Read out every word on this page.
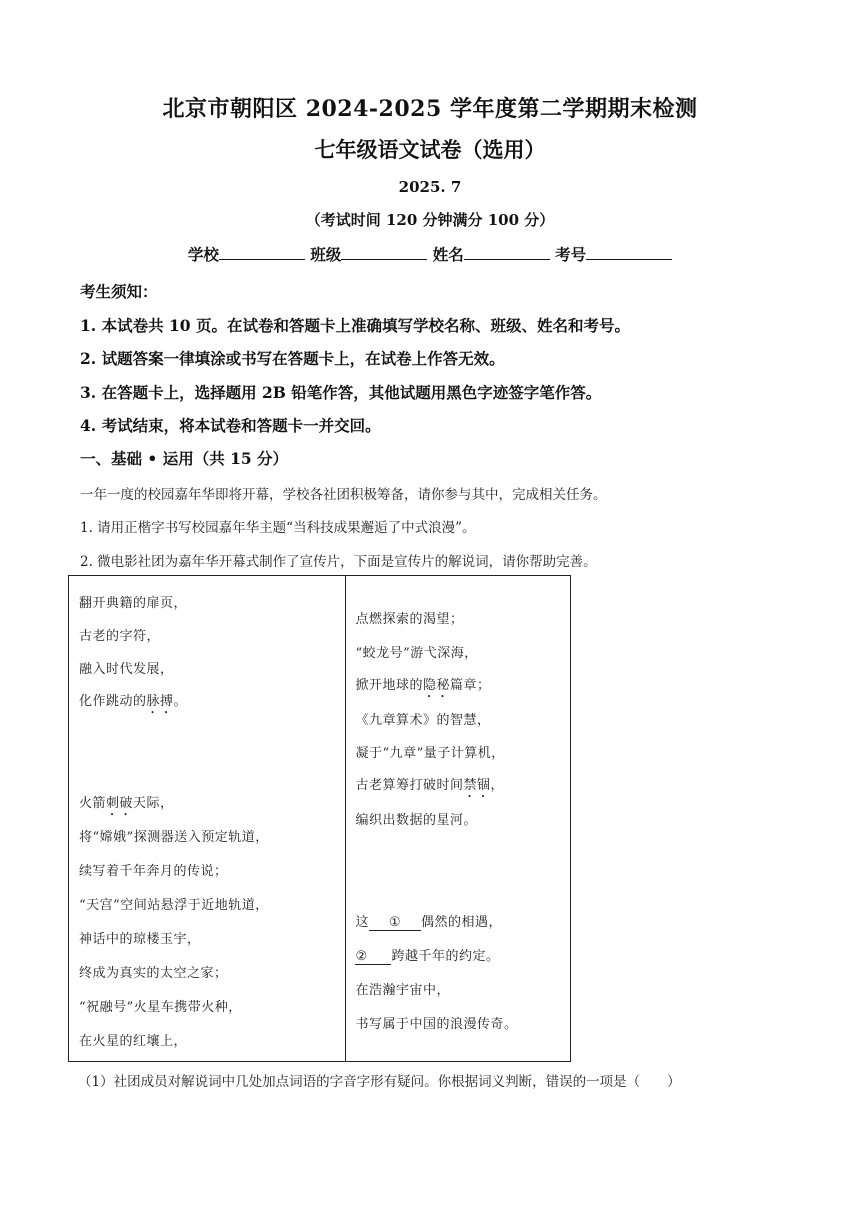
北京市朝阳区 2024-2025 学年度第二学期期末检测
七年级语文试卷（选用）
2025. 7
（考试时间 120 分钟满分 100 分）
学校	班级	姓名	考号
考生须知：
1. 本试卷共 10 页。在试卷和答题卡上准确填写学校名称、班级、姓名和考号。
2. 试题答案一律填涂或书写在答题卡上，在试卷上作答无效。
3. 在答题卡上，选择题用 2B 铅笔作答，其他试题用黑色字迹签字笔作答。
4. 考试结束，将本试卷和答题卡一并交回。
一、基础 • 运用（共 15 分）
一年一度的校园嘉年华即将开幕，学校各社团积极筹备，请你参与其中，完成相关任务。
1. 请用正楷字书写校园嘉年华主题“当科技成果邂逅了中式浪漫”。
2. 微电影社团为嘉年华开幕式制作了宣传片，下面是宣传片的解说词，请你帮助完善。
翻开典籍的扉页，
古老的字符，
融入时代发展，
化作跳动的脉搏。
火箭刺破天际，
将“嫦娥”探测器送入预定轨道，
续写着千年奔月的传说；
“天宫”空间站悬浮于近地轨道，
神话中的琼楼玉宇，
终成为真实的太空之家；
“祝融号”火星车携带火种，
在火星的红壤上，

点燃探索的渴望；
“蛟龙号”游弋深海，
掀开地球的隐秘篇章；
《九章算术》的智慧，
凝于“九章”量子计算机，
古老算筹打破时间禁锢，
编织出数据的星河。
这 ① 偶然的相遇，
② 跨越千年的约定。
在浩瀚宇宙中，
书写属于中国的浪漫传奇。
（1）社团成员对解说词中几处加点词语的字音字形有疑问。你根据词义判断，错误的一项是（　　）
